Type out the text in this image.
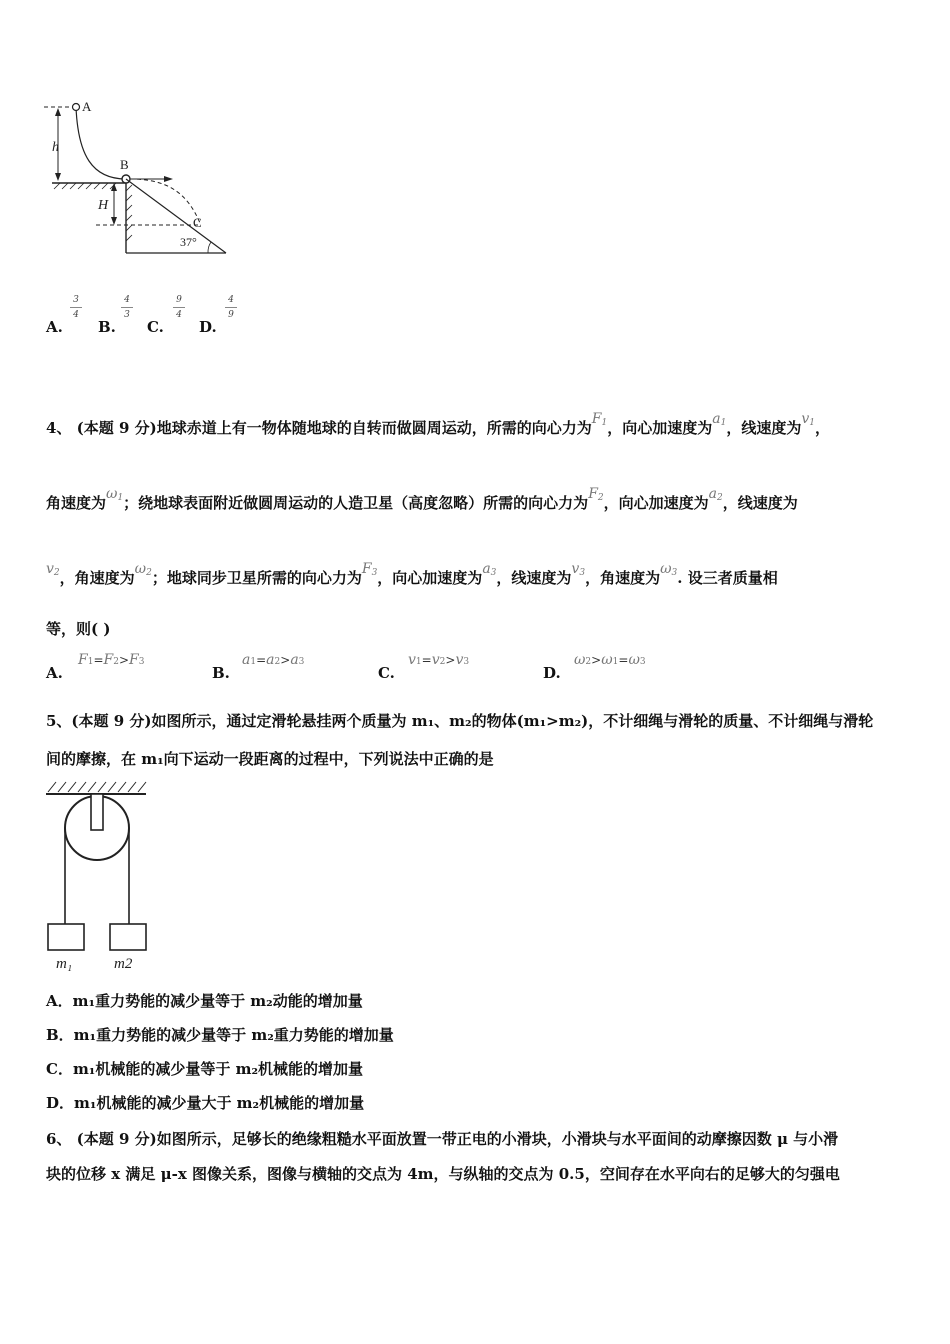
A
B
C
h
H
37°
A.
3
4
B.
4
3
C.
9
4
D.
4
9
4、 (本题 9 分)地球赤道上有一物体随地球的自转而做圆周运动，所需的向心力为$F_1$，向心加速度为$a_1$，线速度为$v_1$，
角速度为$\omega_1$；绕地球表面附近做圆周运动的人造卫星（高度忽略）所需的向心力为$F_2$，向心加速度为$a_2$，线速度为
$v_2$，角速度为$\omega_2$；地球同步卫星所需的向心力为$F_3$，向心加速度为$a_3$，线速度为$v_3$，角速度为$\omega_3$. 设三者质量相
等，则( )
A.
F1=F2>F3
B.
a1=a2>a3
C.
v1=v2>v3
D.
ω2>ω1=ω3
5、(本题 9 分)如图所示，通过定滑轮悬挂两个质量为 m₁、m₂的物体(m₁>m₂)，不计细绳与滑轮的质量、不计细绳与滑轮
间的摩擦，在 m₁向下运动一段距离的过程中，下列说法中正确的是
m₁	m2
A．m₁重力势能的减少量等于 m₂动能的增加量
B．m₁重力势能的减少量等于 m₂重力势能的增加量
C．m₁机械能的减少量等于 m₂机械能的增加量
D．m₁机械能的减少量大于 m₂机械能的增加量
6、 (本题 9 分)如图所示，足够长的绝缘粗糙水平面放置一带正电的小滑块，小滑块与水平面间的动摩擦因数 μ 与小滑
块的位移 x 满足 μ-x 图像关系，图像与横轴的交点为 4m，与纵轴的交点为 0.5，空间存在水平向右的足够大的匀强电
